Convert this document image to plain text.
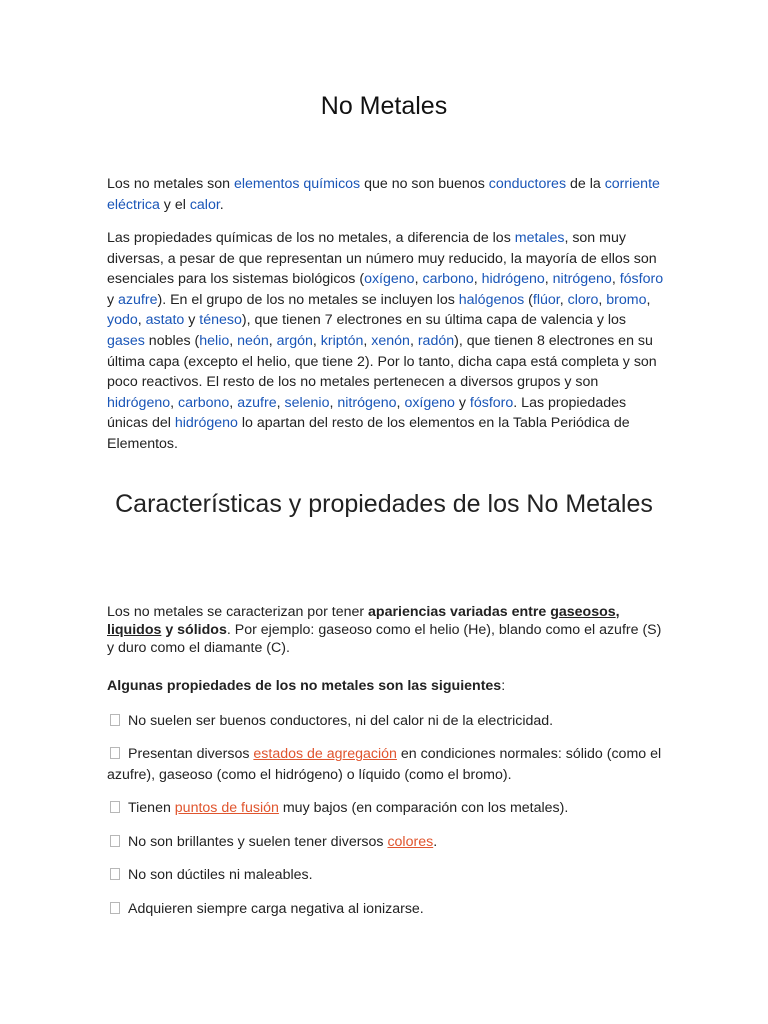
No Metales

Los no metales son elementos químicos que no son buenos conductores de la corriente eléctrica y el calor.

Las propiedades químicas de los no metales, a diferencia de los metales, son muy diversas, a pesar de que representan un número muy reducido, la mayoría de ellos son esenciales para los sistemas biológicos (oxígeno, carbono, hidrógeno, nitrógeno, fósforo y azufre). En el grupo de los no metales se incluyen los halógenos (flúor, cloro, bromo, yodo, astato y téneso), que tienen 7 electrones en su última capa de valencia y los gases nobles (helio, neón, argón, kriptón, xenón, radón), que tienen 8 electrones en su última capa (excepto el helio, que tiene 2). Por lo tanto, dicha capa está completa y son poco reactivos. El resto de los no metales pertenecen a diversos grupos y son hidrógeno, carbono, azufre, selenio, nitrógeno, oxígeno y fósforo. Las propiedades únicas del hidrógeno lo apartan del resto de los elementos en la Tabla Periódica de Elementos.

Características y propiedades de los No Metales

Los no metales se caracterizan por tener apariencias variadas entre gaseosos, liquidos y sólidos. Por ejemplo: gaseoso como el helio (He), blando como el azufre (S) y duro como el diamante (C).

Algunas propiedades de los no metales son las siguientes:

No suelen ser buenos conductores, ni del calor ni de la electricidad.

Presentan diversos estados de agregación en condiciones normales: sólido (como el azufre), gaseoso (como el hidrógeno) o líquido (como el bromo).

Tienen puntos de fusión muy bajos (en comparación con los metales).

No son brillantes y suelen tener diversos colores.

No son dúctiles ni maleables.

Adquieren siempre carga negativa al ionizarse.
